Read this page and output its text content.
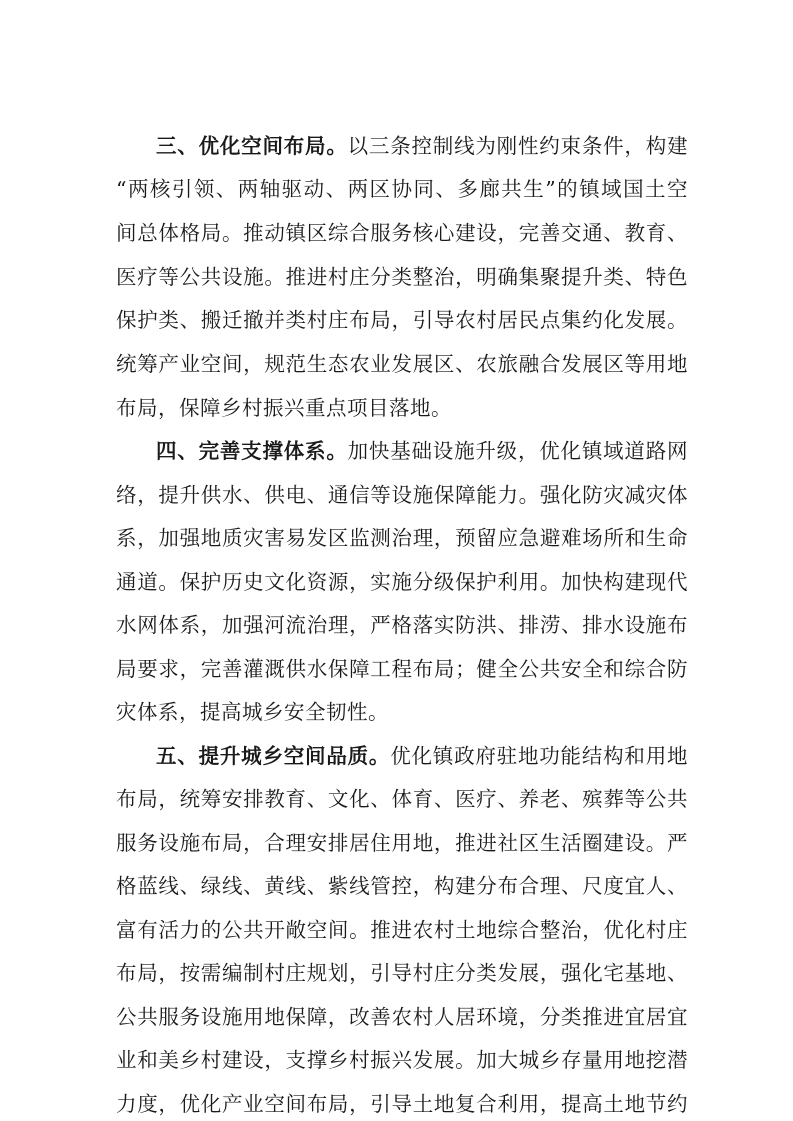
三、优化空间布局。以三条控制线为刚性约束条件，构建
“两核引领、两轴驱动、两区协同、多廊共生”的镇域国土空
间总体格局。推动镇区综合服务核心建设，完善交通、教育、
医疗等公共设施。推进村庄分类整治，明确集聚提升类、特色
保护类、搬迁撤并类村庄布局，引导农村居民点集约化发展。
统筹产业空间，规范生态农业发展区、农旅融合发展区等用地
布局，保障乡村振兴重点项目落地。
四、完善支撑体系。加快基础设施升级，优化镇域道路网
络，提升供水、供电、通信等设施保障能力。强化防灾减灾体
系，加强地质灾害易发区监测治理，预留应急避难场所和生命
通道。保护历史文化资源，实施分级保护利用。加快构建现代
水网体系，加强河流治理，严格落实防洪、排涝、排水设施布
局要求，完善灌溉供水保障工程布局；健全公共安全和综合防
灾体系，提高城乡安全韧性。
五、提升城乡空间品质。优化镇政府驻地功能结构和用地
布局，统筹安排教育、文化、体育、医疗、养老、殡葬等公共
服务设施布局，合理安排居住用地，推进社区生活圈建设。严
格蓝线、绿线、黄线、紫线管控，构建分布合理、尺度宜人、
富有活力的公共开敞空间。推进农村土地综合整治，优化村庄
布局，按需编制村庄规划，引导村庄分类发展，强化宅基地、
公共服务设施用地保障，改善农村人居环境，分类推进宜居宜
业和美乡村建设，支撑乡村振兴发展。加大城乡存量用地挖潜
力度，优化产业空间布局，引导土地复合利用，提高土地节约
